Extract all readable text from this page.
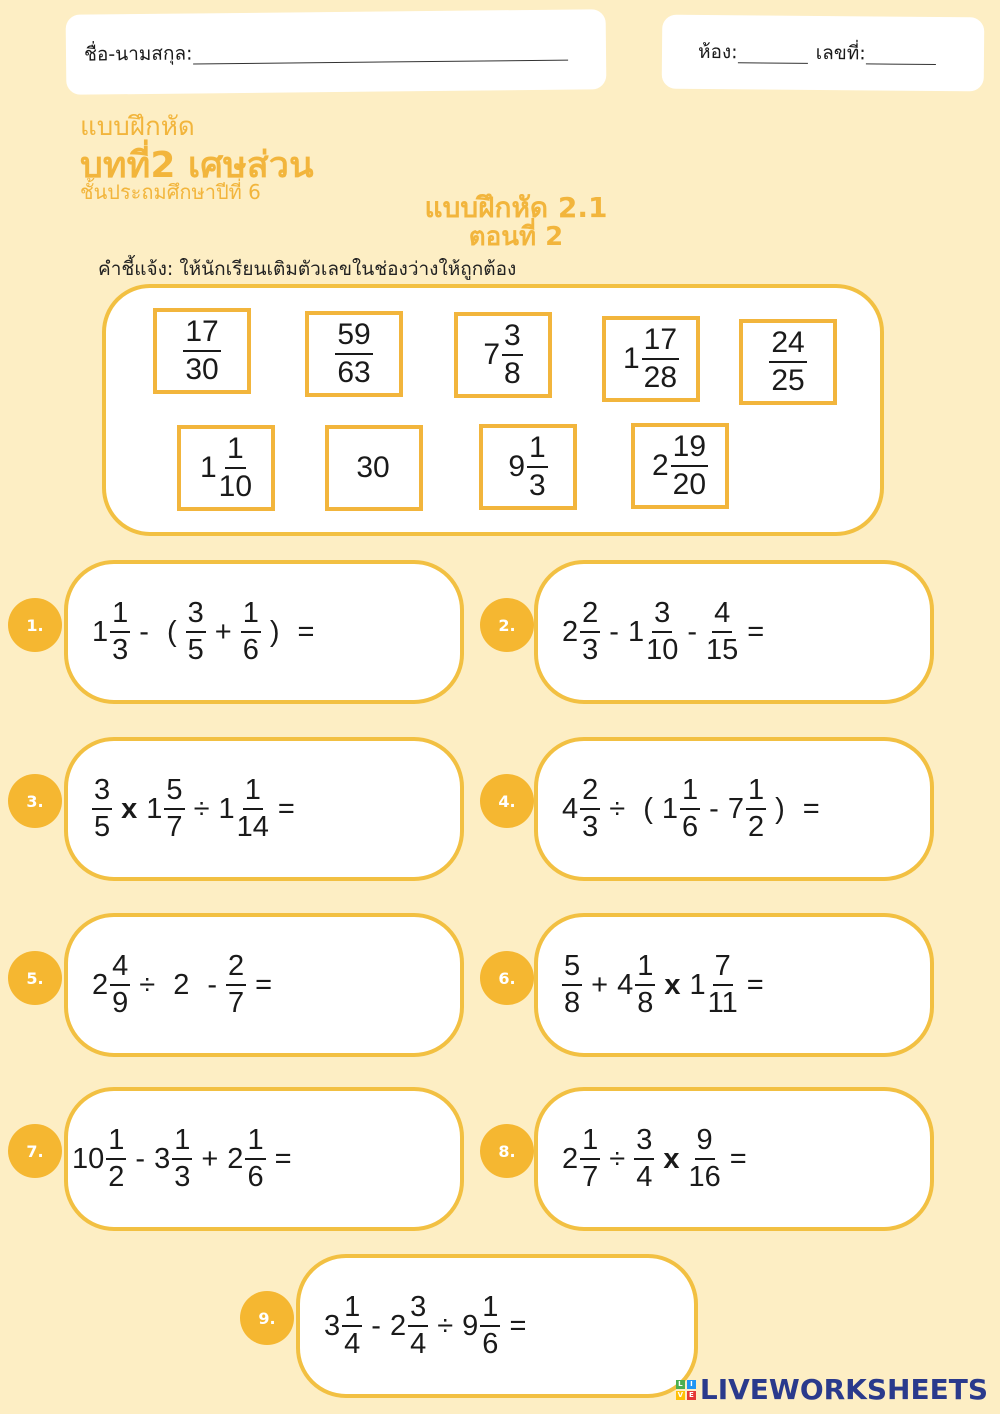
ชื่อ-นามสกุล:	ห้อง:	เลขที่:
แบบฝึกหัด
บทที่2 เศษส่วน
ชั้นประถมศึกษาปีที่ 6	แบบฝึกหัด 2.1
ตอนที่ 2
คำชี้แจ้ง: ให้นักเรียนเติมตัวเลขในช่องว่างให้ถูกต้อง
$\frac{17}{30}$	$\frac{59}{63}$	$7 \frac{3}{8}$	$1 \frac{17}{28}$	$\frac{24}{25}$
$1 \frac{1}{10}$	30	$9 \frac{1}{3}$	$2 \frac{19}{20}$
$1 \frac{1}{3}$ - ( $\frac{3}{5} + \frac{1}{6}$ ) =
1.	$2 \frac{2}{3} - 1 \frac{3}{10} - \frac{4}{15}$ =
2.
$\frac{3}{5}$ x $1 \frac{5}{7} \div 1 \frac{1}{14}$ =
3.	$4 \frac{2}{3}$ ÷ ( $1 \frac{1}{6} - 7 \frac{1}{2}$ ) =
4.
$2 \frac{4}{9} \div 2 - \frac{2}{7}$ =
5.	$\frac{5}{8} + 4 \frac{1}{8}$ x $1 \frac{7}{11}$ =
6.
$10 \frac{1}{2} - 3 \frac{1}{3} + 2 \frac{1}{6}$ =
7.	$2 \frac{1}{7} \div \frac{3}{4}$ x $\frac{9}{16}$ =
8.
$3 \frac{1}{4} - 2 \frac{3}{4} \div 9 \frac{1}{6}$ =
9.
L	I
V E LIVEWORKSHEETS
